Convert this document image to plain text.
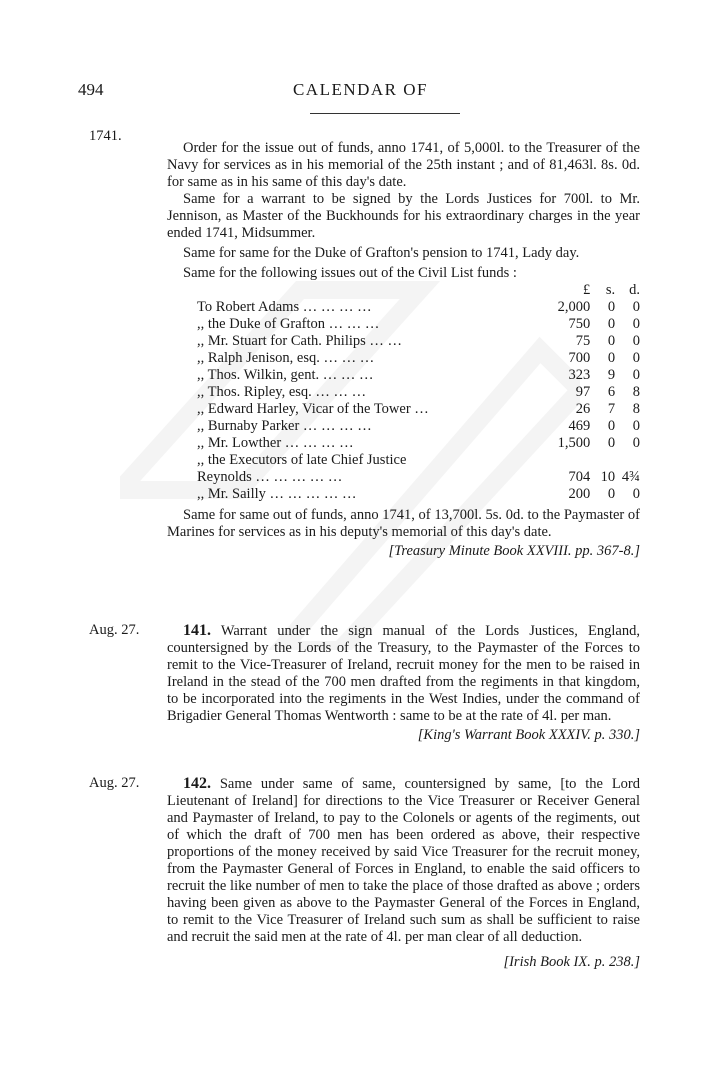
494	CALENDAR OF
1741.

Order for the issue out of funds, anno 1741, of 5,000l. to the Treasurer of the Navy for services as in his memorial of the 25th instant ; and of 81,463l. 8s. 0d. for same as in his same of this day's date.

Same for a warrant to be signed by the Lords Justices for 700l. to Mr. Jennison, as Master of the Buckhounds for his extraordinary charges in the year ended 1741, Midsummer.

Same for same for the Duke of Grafton's pension to 1741, Lady day.

Same for the following issues out of the Civil List funds :

	£	s.	d.
To Robert Adams … … … …	2,000	0	0
,, the Duke of Grafton … … …	750	0	0
,, Mr. Stuart for Cath. Philips … …	75	0	0
,, Ralph Jenison, esq. … … …	700	0	0
,, Thos. Wilkin, gent. … … …	323	9	0
,, Thos. Ripley, esq. … … …	97	6	8
,, Edward Harley, Vicar of the Tower …	26	7	8
,, Burnaby Parker … … … …	469	0	0
,, Mr. Lowther … … … …	1,500	0	0
,, the Executors of late Chief Justice			
Reynolds … … … … …	704	10	4¾
,, Mr. Sailly … … … … …	200	0	0

Same for same out of funds, anno 1741, of 13,700l. 5s. 0d. to the Paymaster of Marines for services as in his deputy's memorial of this day's date.

[Treasury Minute Book XXVIII. pp. 367-8.]
Aug. 27.	141. Warrant under the sign manual of the Lords Justices, England, countersigned by the Lords of the Treasury, to the Paymaster of the Forces to remit to the Vice-Treasurer of Ireland, recruit money for the men to be raised in Ireland in the stead of the 700 men drafted from the regiments in that kingdom, to be incorporated into the regiments in the West Indies, under the command of Brigadier General Thomas Wentworth : same to be at the rate of 4l. per man.

[King's Warrant Book XXXIV. p. 330.]
Aug. 27.	142. Same under same of same, countersigned by same, [to the Lord Lieutenant of Ireland] for directions to the Vice Treasurer or Receiver General and Paymaster of Ireland, to pay to the Colonels or agents of the regiments, out of which the draft of 700 men has been ordered as above, their respective proportions of the money received by said Vice Treasurer for the recruit money, from the Paymaster General of Forces in England, to enable the said officers to recruit the like number of men to take the place of those drafted as above ; orders having been given as above to the Paymaster General of the Forces in England, to remit to the Vice Treasurer of Ireland such sum as shall be sufficient to raise and recruit the said men at the rate of 4l. per man clear of all deduction.

[Irish Book IX. p. 238.]
